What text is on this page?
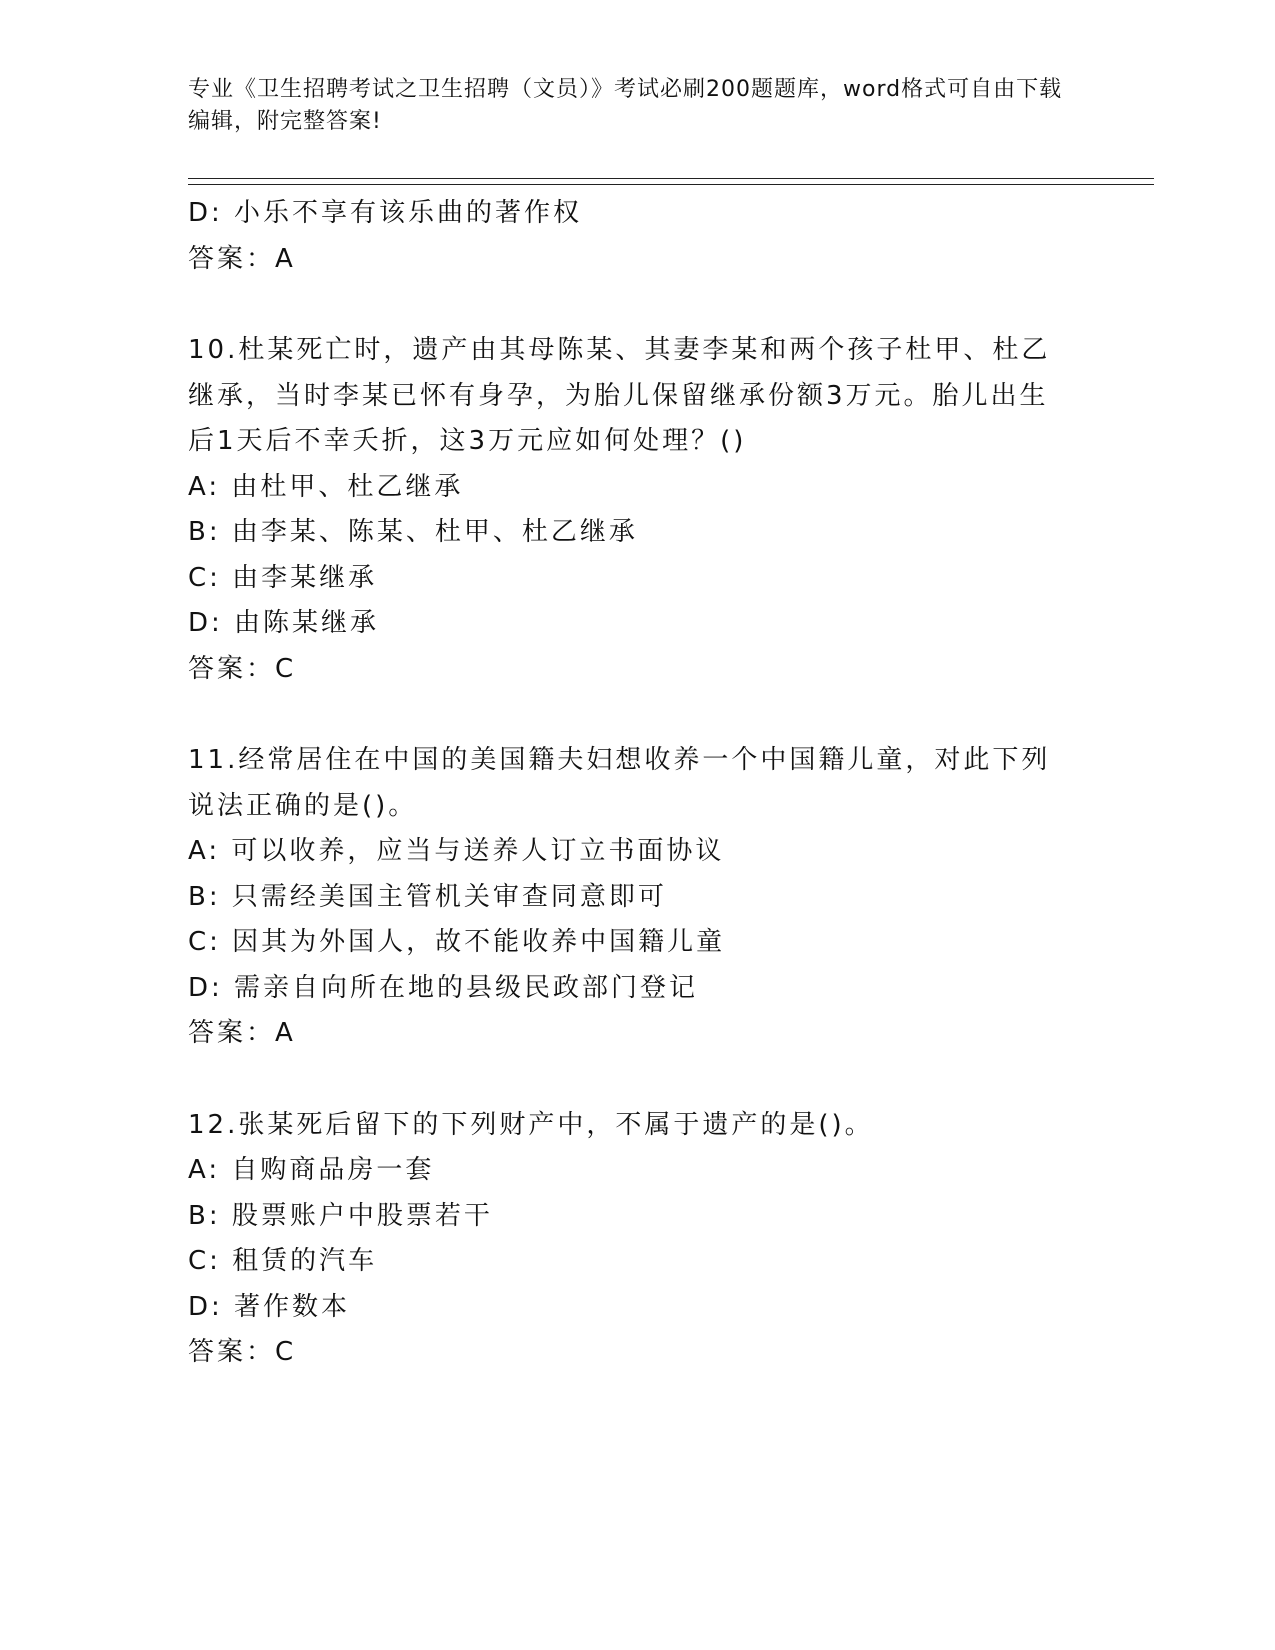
专业《卫生招聘考试之卫生招聘（文员）》考试必刷200题题库，word格式可自由下载编辑，附完整答案!
D: 小乐不享有该乐曲的著作权
答案：A
10.杜某死亡时，遗产由其母陈某、其妻李某和两个孩子杜甲、杜乙继承，当时李某已怀有身孕，为胎儿保留继承份额3万元。胎儿出生后1天后不幸夭折，这3万元应如何处理？()
A: 由杜甲、杜乙继承
B: 由李某、陈某、杜甲、杜乙继承
C: 由李某继承
D: 由陈某继承
答案：C
11.经常居住在中国的美国籍夫妇想收养一个中国籍儿童，对此下列说法正确的是()。
A: 可以收养，应当与送养人订立书面协议
B: 只需经美国主管机关审查同意即可
C: 因其为外国人，故不能收养中国籍儿童
D: 需亲自向所在地的县级民政部门登记
答案：A
12.张某死后留下的下列财产中，不属于遗产的是()。
A: 自购商品房一套
B: 股票账户中股票若干
C: 租赁的汽车
D: 著作数本
答案：C
